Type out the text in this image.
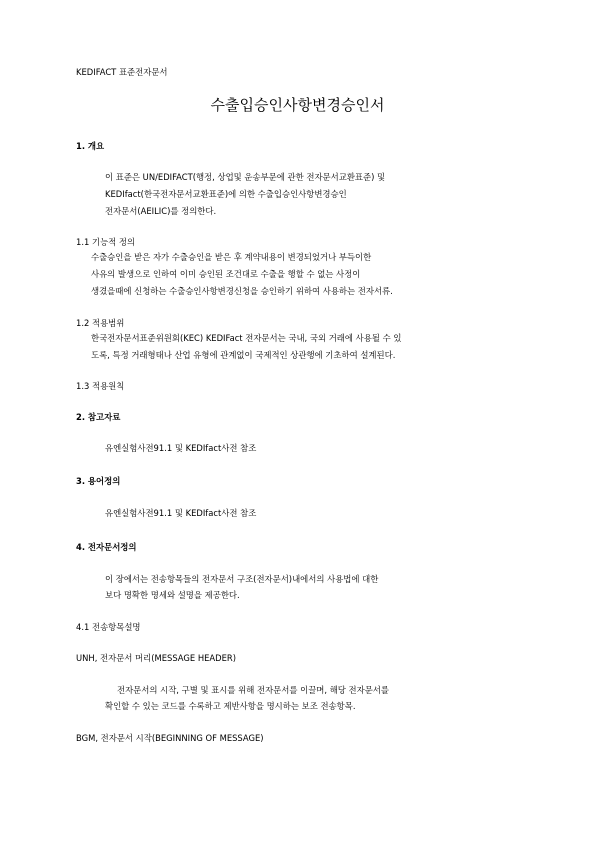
KEDIFACT 표준전자문서
수출입승인사항변경승인서
1. 개요
이 표준은 UN/EDIFACT(행정, 상업및 운송부문에 관한 전자문서교환표준) 및
KEDIfact(한국전자문서교환표준)에 의한 수출입승인사항변경승인
전자문서(AEILIC)를 정의한다.
1.1 기능적 정의
수출승인을 받은 자가 수출승인을 받은 후 계약내용이 변경되었거나 부득이한
사유의 발생으로 인하여 이미 승인된 조건대로 수출을 행할 수 없는 사정이
생겼을때에 신청하는 수출승인사항변경신청을 승인하기 위하여 사용하는 전자서류.
1.2 적용범위
한국전자문서표준위원회(KEC) KEDIFact 전자문서는 국내, 국외 거래에 사용될 수 있
도록, 특정 거래형태나 산업 유형에 관계없이 국제적인 상관행에 기초하여 설계된다.
1.3 적용원칙
2. 참고자료
유엔실험사전91.1 및 KEDIfact사전 참조
3. 용어정의
유엔실험사전91.1 및 KEDIfact사전 참조
4. 전자문서정의
이 장에서는 전송항목들의 전자문서 구조(전자문서)내에서의 사용법에 대한
보다 명확한 명세와 설명을 제공한다.
4.1 전송항목설명
UNH, 전자문서 머리(MESSAGE HEADER)
전자문서의 시작, 구별 및 표시를 위해 전자문서를 이끌며, 해당 전자문서를
확인할 수 있는 코드를 수록하고 제반사항을 명시하는 보조 전송항목.
BGM, 전자문서 시작(BEGINNING OF MESSAGE)
